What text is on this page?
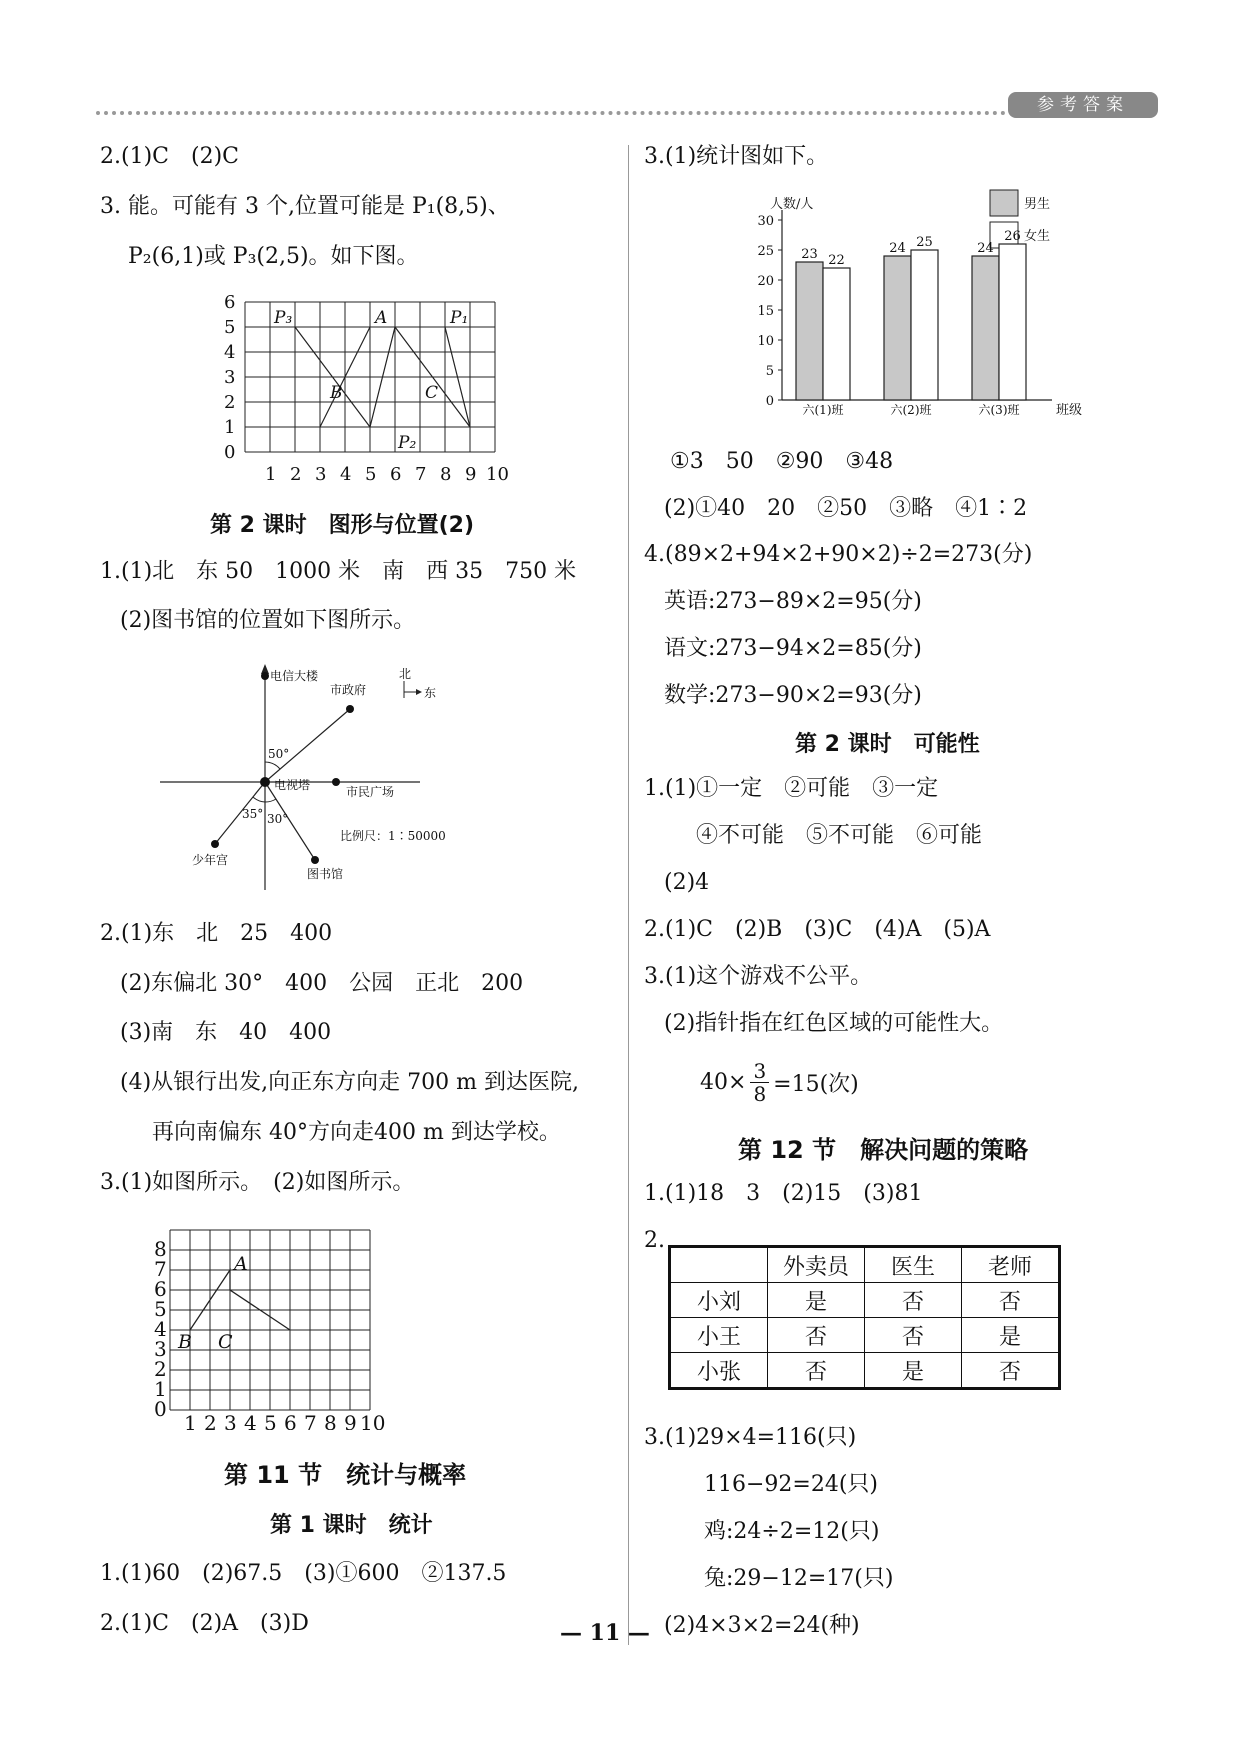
参考答案
2.(1)C　(2)C
3. 能。可能有 3 个,位置可能是 P₁(8,5)、
P₂(6,1)或 P₃(2,5)。如下图。
0
1
2
3
4
5
6
1 2 3 4 5 6 7 8 9 10
P₃	A	P₁
B	C
P₂
第 2 课时　图形与位置(2)
1.(1)北　东 50　1000 米　南　西 35　750 米
(2)图书馆的位置如下图所示。
电信大楼
市政府
北
东
50°
电视塔	市民广场
35° 30°
比例尺：1∶50000
少年宫
图书馆
2.(1)东　北　25　400
(2)东偏北 30°　400　公园　正北　200
(3)南　东　40　400
(4)从银行出发,向正东方向走 700 m 到达医院,
再向南偏东 40°方向走400 m 到达学校。
3.(1)如图所示。　(2)如图所示。
0
1
2
3
4
5
6
7
8
1 2 3 4 5 6 7 8 9 10
A
B C
第 11 节　统计与概率
第 1 课时　统计
1.(1)60　(2)67.5　(3)①600　②137.5
2.(1)C　(2)A　(3)D
3.(1)统计图如下。
人数/人
班级
男生
女生
0
5
10
15
20
25
30
23 22
六(1)班
24 25
六(2)班
24
26
六(3)班
①3　50　②90　③48
(2)①40　20　②50　③略　④1∶2
4.(89×2+94×2+90×2)÷2=273(分)
英语:273−89×2=95(分)
语文:273−94×2=85(分)
数学:273−90×2=93(分)
第 2 课时　可能性
1.(1)①一定　②可能　③一定
④不可能　⑤不可能　⑥可能
(2)4
2.(1)C　(2)B　(3)C　(4)A　(5)A
3.(1)这个游戏不公平。
(2)指针指在红色区域的可能性大。
$40\times \frac{3}{8} =15$(次)
第 12 节　解决问题的策略
1.(1)18　3　(2)15　(3)81
2.
	外卖员	医生	老师
小刘	是	否	否
小王	否	否	是
小张	否	是	否
3.(1)29×4=116(只)
116−92=24(只)
鸡:24÷2=12(只)
兔:29−12=17(只)
(2)4×3×2=24(种)
— 11 —
